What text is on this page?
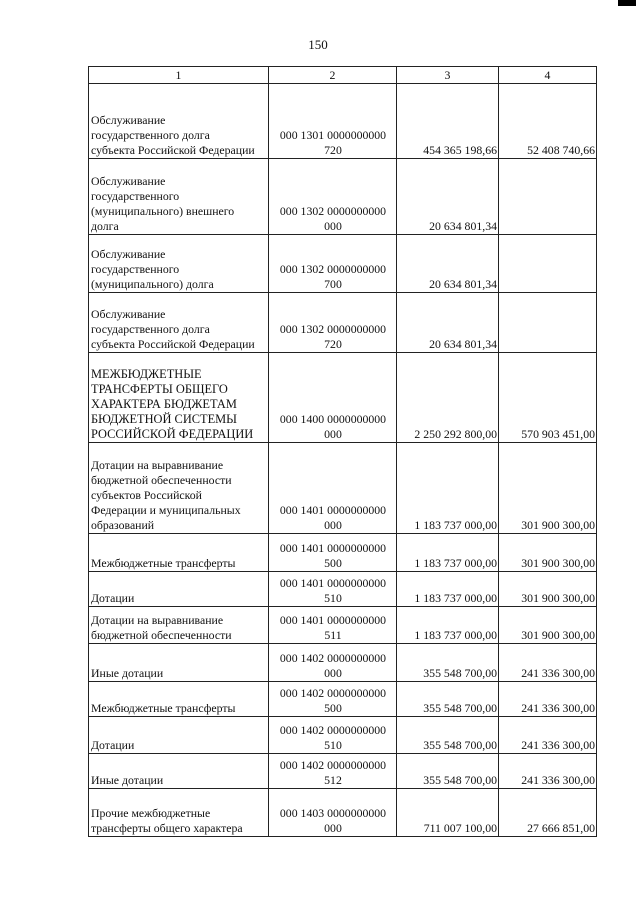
150
1	2	3	4

Обслуживание
государственного долга
субъекта Российской Федерации	000 1301 0000000000
720	454 365 198,66	52 408 740,66

Обслуживание
государственного
(муниципального) внешнего
долга	000 1302 0000000000
000	20 634 801,34	

Обслуживание
государственного
(муниципального) долга	000 1302 0000000000
700	20 634 801,34	

Обслуживание
государственного долга
субъекта Российской Федерации	000 1302 0000000000
720	20 634 801,34	

МЕЖБЮДЖЕТНЫЕ
ТРАНСФЕРТЫ ОБЩЕГО
ХАРАКТЕРА БЮДЖЕТАМ
БЮДЖЕТНОЙ СИСТЕМЫ
РОССИЙСКОЙ ФЕДЕРАЦИИ	000 1400 0000000000
000	2 250 292 800,00	570 903 451,00

Дотации на выравнивание
бюджетной обеспеченности
субъектов Российской
Федерации и муниципальных
образований	000 1401 0000000000
000	1 183 737 000,00	301 900 300,00

Межбюджетные трансферты	000 1401 0000000000
500	1 183 737 000,00	301 900 300,00

Дотации	000 1401 0000000000
510	1 183 737 000,00	301 900 300,00

Дотации на выравнивание
бюджетной обеспеченности	000 1401 0000000000
511	1 183 737 000,00	301 900 300,00

Иные дотации	000 1402 0000000000
000	355 548 700,00	241 336 300,00

Межбюджетные трансферты	000 1402 0000000000
500	355 548 700,00	241 336 300,00

Дотации	000 1402 0000000000
510	355 548 700,00	241 336 300,00

Иные дотации	000 1402 0000000000
512	355 548 700,00	241 336 300,00

Прочие межбюджетные
трансферты общего характера	000 1403 0000000000
000	711 007 100,00	27 666 851,00
